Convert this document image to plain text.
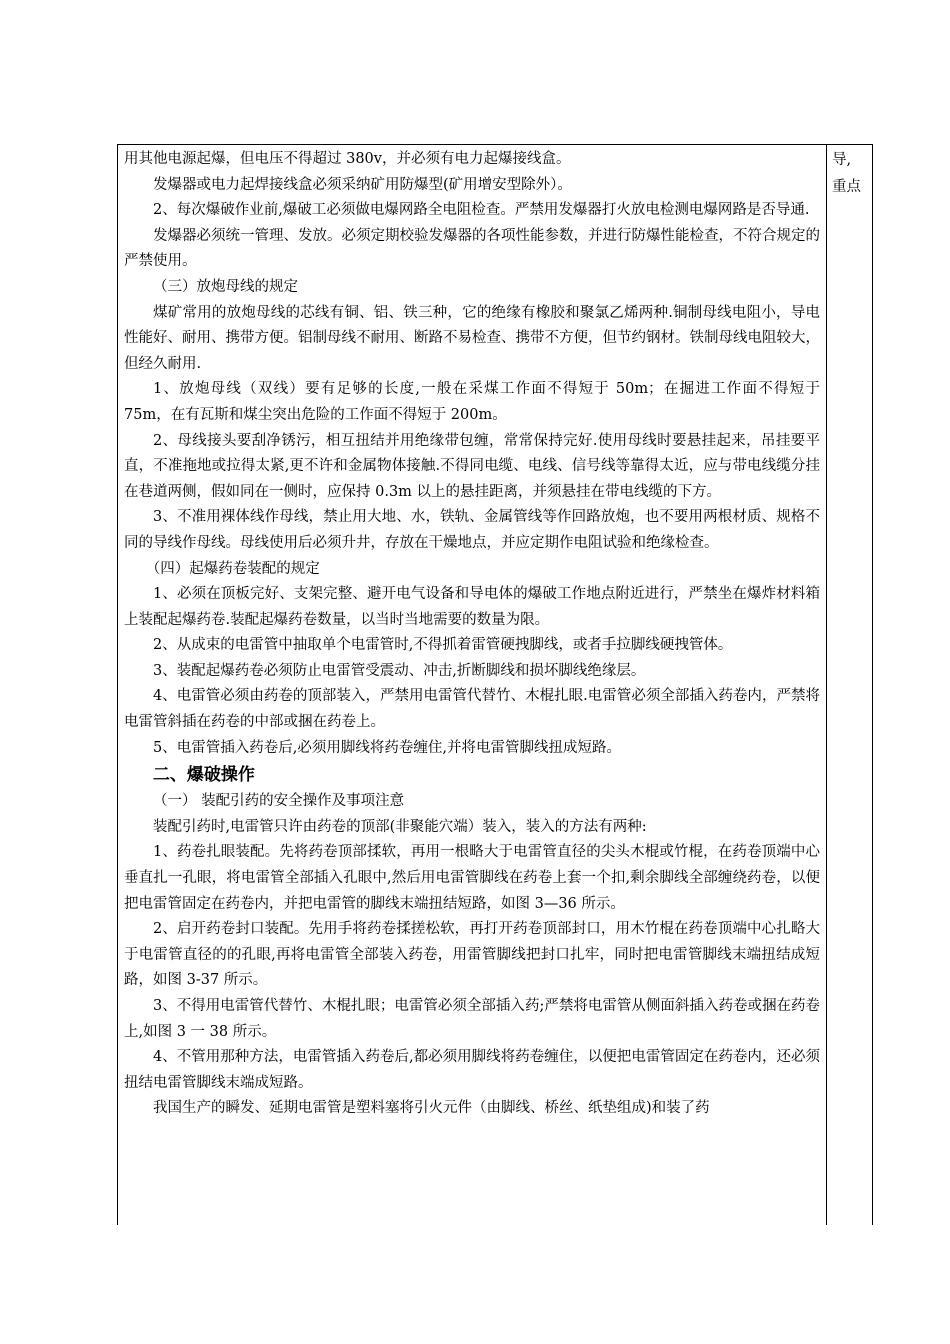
用其他电源起爆，但电压不得超过 380v，并必须有电力起爆接线盒。

发爆器或电力起焊接线盒必须采纳矿用防爆型(矿用增安型除外）。

2、每次爆破作业前,爆破工必须做电爆网路全电阻检查。严禁用发爆器打火放电检测电爆网路是否导通.

发爆器必须统一管理、发放。必须定期校验发爆器的各项性能参数，并进行防爆性能检查，不符合规定的严禁使用。

（三）放炮母线的规定

煤矿常用的放炮母线的芯线有铜、铝、铁三种，它的绝缘有橡胶和聚氯乙烯两种.铜制母线电阻小，导电性能好、耐用、携带方便。铝制母线不耐用、断路不易检查、携带不方便，但节约钢材。铁制母线电阻较大，但经久耐用.

1、放炮母线（双线）要有足够的长度,一般在采煤工作面不得短于 50m；在掘进工作面不得短于 75m，在有瓦斯和煤尘突出危险的工作面不得短于 200m。

2、母线接头要刮净锈污，相互扭结并用绝缘带包缠，常常保持完好.使用母线时要悬挂起来，吊挂要平直，不准拖地或拉得太紧,更不许和金属物体接触.不得同电缆、电线、信号线等靠得太近，应与带电线缆分挂在巷道两侧，假如同在一侧时，应保持 0.3m 以上的悬挂距离，并须悬挂在带电线缆的下方。

3、不准用裸体线作母线，禁止用大地、水，铁轨、金属管线等作回路放炮，也不要用两根材质、规格不同的导线作母线。母线使用后必须升井，存放在干燥地点，并应定期作电阻试验和绝缘检查。

（四）起爆药卷装配的规定

1、必须在顶板完好、支架完整、避开电气设备和导电体的爆破工作地点附近进行，严禁坐在爆炸材料箱上装配起爆药卷.装配起爆药卷数量，以当时当地需要的数量为限。

2、从成束的电雷管中抽取单个电雷管时,不得抓着雷管硬拽脚线，或者手拉脚线硬拽管体。

3、装配起爆药卷必须防止电雷管受震动、冲击,折断脚线和损坏脚线绝缘层。

4、电雷管必须由药卷的顶部装入，严禁用电雷管代替竹、木棍扎眼.电雷管必须全部插入药卷内，严禁将电雷管斜插在药卷的中部或捆在药卷上。

5、电雷管插入药卷后,必须用脚线将药卷缠住,并将电雷管脚线扭成短路。

二、爆破操作

（一） 装配引药的安全操作及事项注意

装配引药时,电雷管只许由药卷的顶部(非聚能穴端）装入，装入的方法有两种:

1、药卷扎眼装配。先将药卷顶部揉软，再用一根略大于电雷管直径的尖头木棍或竹棍，在药卷顶端中心垂直扎一孔眼，将电雷管全部插入孔眼中,然后用电雷管脚线在药卷上套一个扣,剩余脚线全部缠绕药卷，以便把电雷管固定在药卷内，并把电雷管的脚线末端扭结短路，如图 3—36 所示。

2、启开药卷封口装配。先用手将药卷揉搓松软，再打开药卷顶部封口，用木竹棍在药卷顶端中心扎略大于电雷管直径的的孔眼,再将电雷管全部装入药卷，用雷管脚线把封口扎牢，同时把电雷管脚线末端扭结成短路，如图 3-37 所示。

3、不得用电雷管代替竹、木棍扎眼；电雷管必须全部插入药;严禁将电雷管从侧面斜插入药卷或捆在药卷上,如图 3 一 38 所示。

4、不管用那种方法，电雷管插入药卷后,都必须用脚线将药卷缠住，以便把电雷管固定在药卷内，还必须扭结电雷管脚线末端成短路。

我国生产的瞬发、延期电雷管是塑料塞将引火元件（由脚线、桥丝、纸垫组成)和装了药

导,
重点
